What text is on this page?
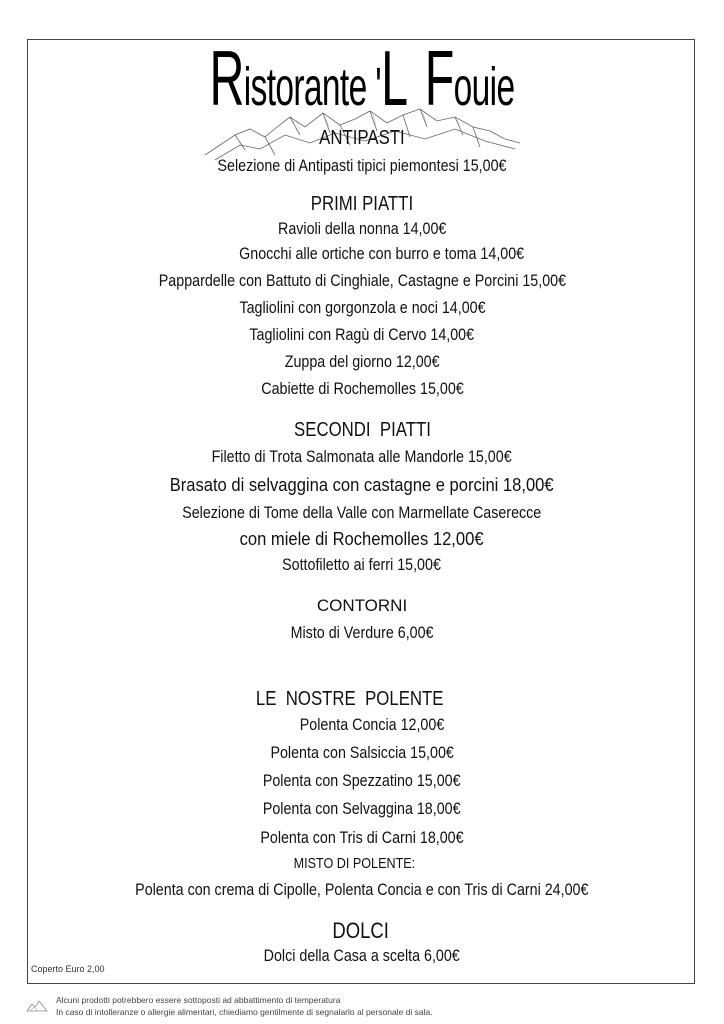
Ristorante 'L Fouie
ANTIPASTI
Selezione di Antipasti tipici piemontesi 15,00€
PRIMI PIATTI
Ravioli della nonna 14,00€
Gnocchi alle ortiche con burro e toma 14,00€
Pappardelle con Battuto di Cinghiale, Castagne e Porcini 15,00€
Tagliolini con gorgonzola e noci 14,00€
Tagliolini con Ragù di Cervo 14,00€
Zuppa del giorno 12,00€
Cabiette di Rochemolles 15,00€
SECONDI  PIATTI
Filetto di Trota Salmonata alle Mandorle 15,00€
Brasato di selvaggina con castagne e porcini 18,00€
Selezione di Tome della Valle con Marmellate Caserecce
con miele di Rochemolles 12,00€
Sottofiletto ai ferri 15,00€
CONTORNI
Misto di Verdure 6,00€
LE  NOSTRE  POLENTE
Polenta Concia 12,00€
Polenta con Salsiccia 15,00€
Polenta con Spezzatino 15,00€
Polenta con Selvaggina 18,00€
Polenta con Tris di Carni 18,00€
MISTO DI POLENTE:
Polenta con crema di Cipolle, Polenta Concia e con Tris di Carni 24,00€
DOLCI
Dolci della Casa a scelta 6,00€
Coperto Euro 2,00
Alcuni prodotti potrebbero essere sottoposti ad abbattimento di temperatura
In caso di intolleranze o allergie alimentari, chiediamo gentilmente di segnalarlo al personale di sala.
